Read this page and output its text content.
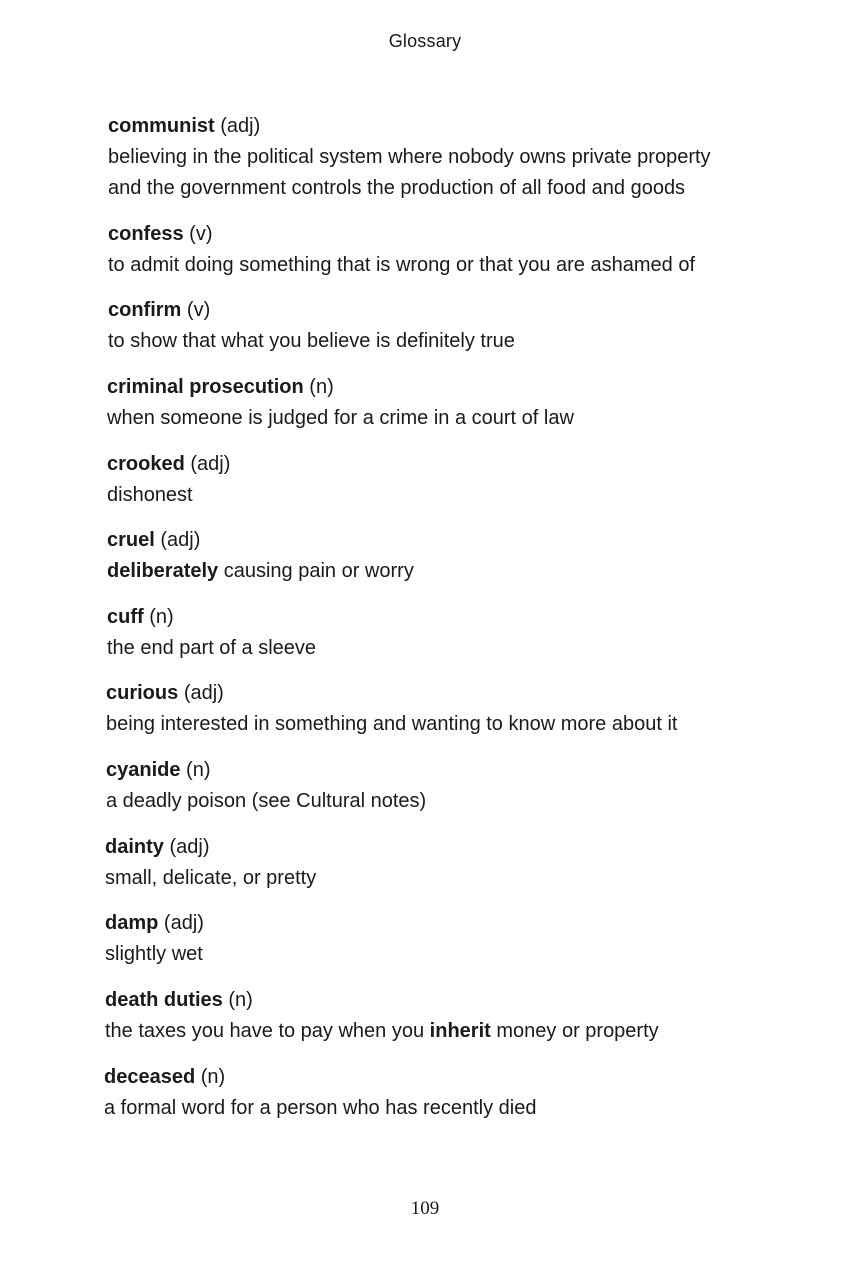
Glossary
communist (adj)
believing in the political system where nobody owns private property
and the government controls the production of all food and goods
confess (v)
to admit doing something that is wrong or that you are ashamed of
confirm (v)
to show that what you believe is definitely true
criminal prosecution (n)
when someone is judged for a crime in a court of law
crooked (adj)
dishonest
cruel (adj)
deliberately causing pain or worry
cuff (n)
the end part of a sleeve
curious (adj)
being interested in something and wanting to know more about it
cyanide (n)
a deadly poison (see Cultural notes)
dainty (adj)
small, delicate, or pretty
damp (adj)
slightly wet
death duties (n)
the taxes you have to pay when you inherit money or property
deceased (n)
a formal word for a person who has recently died
109
